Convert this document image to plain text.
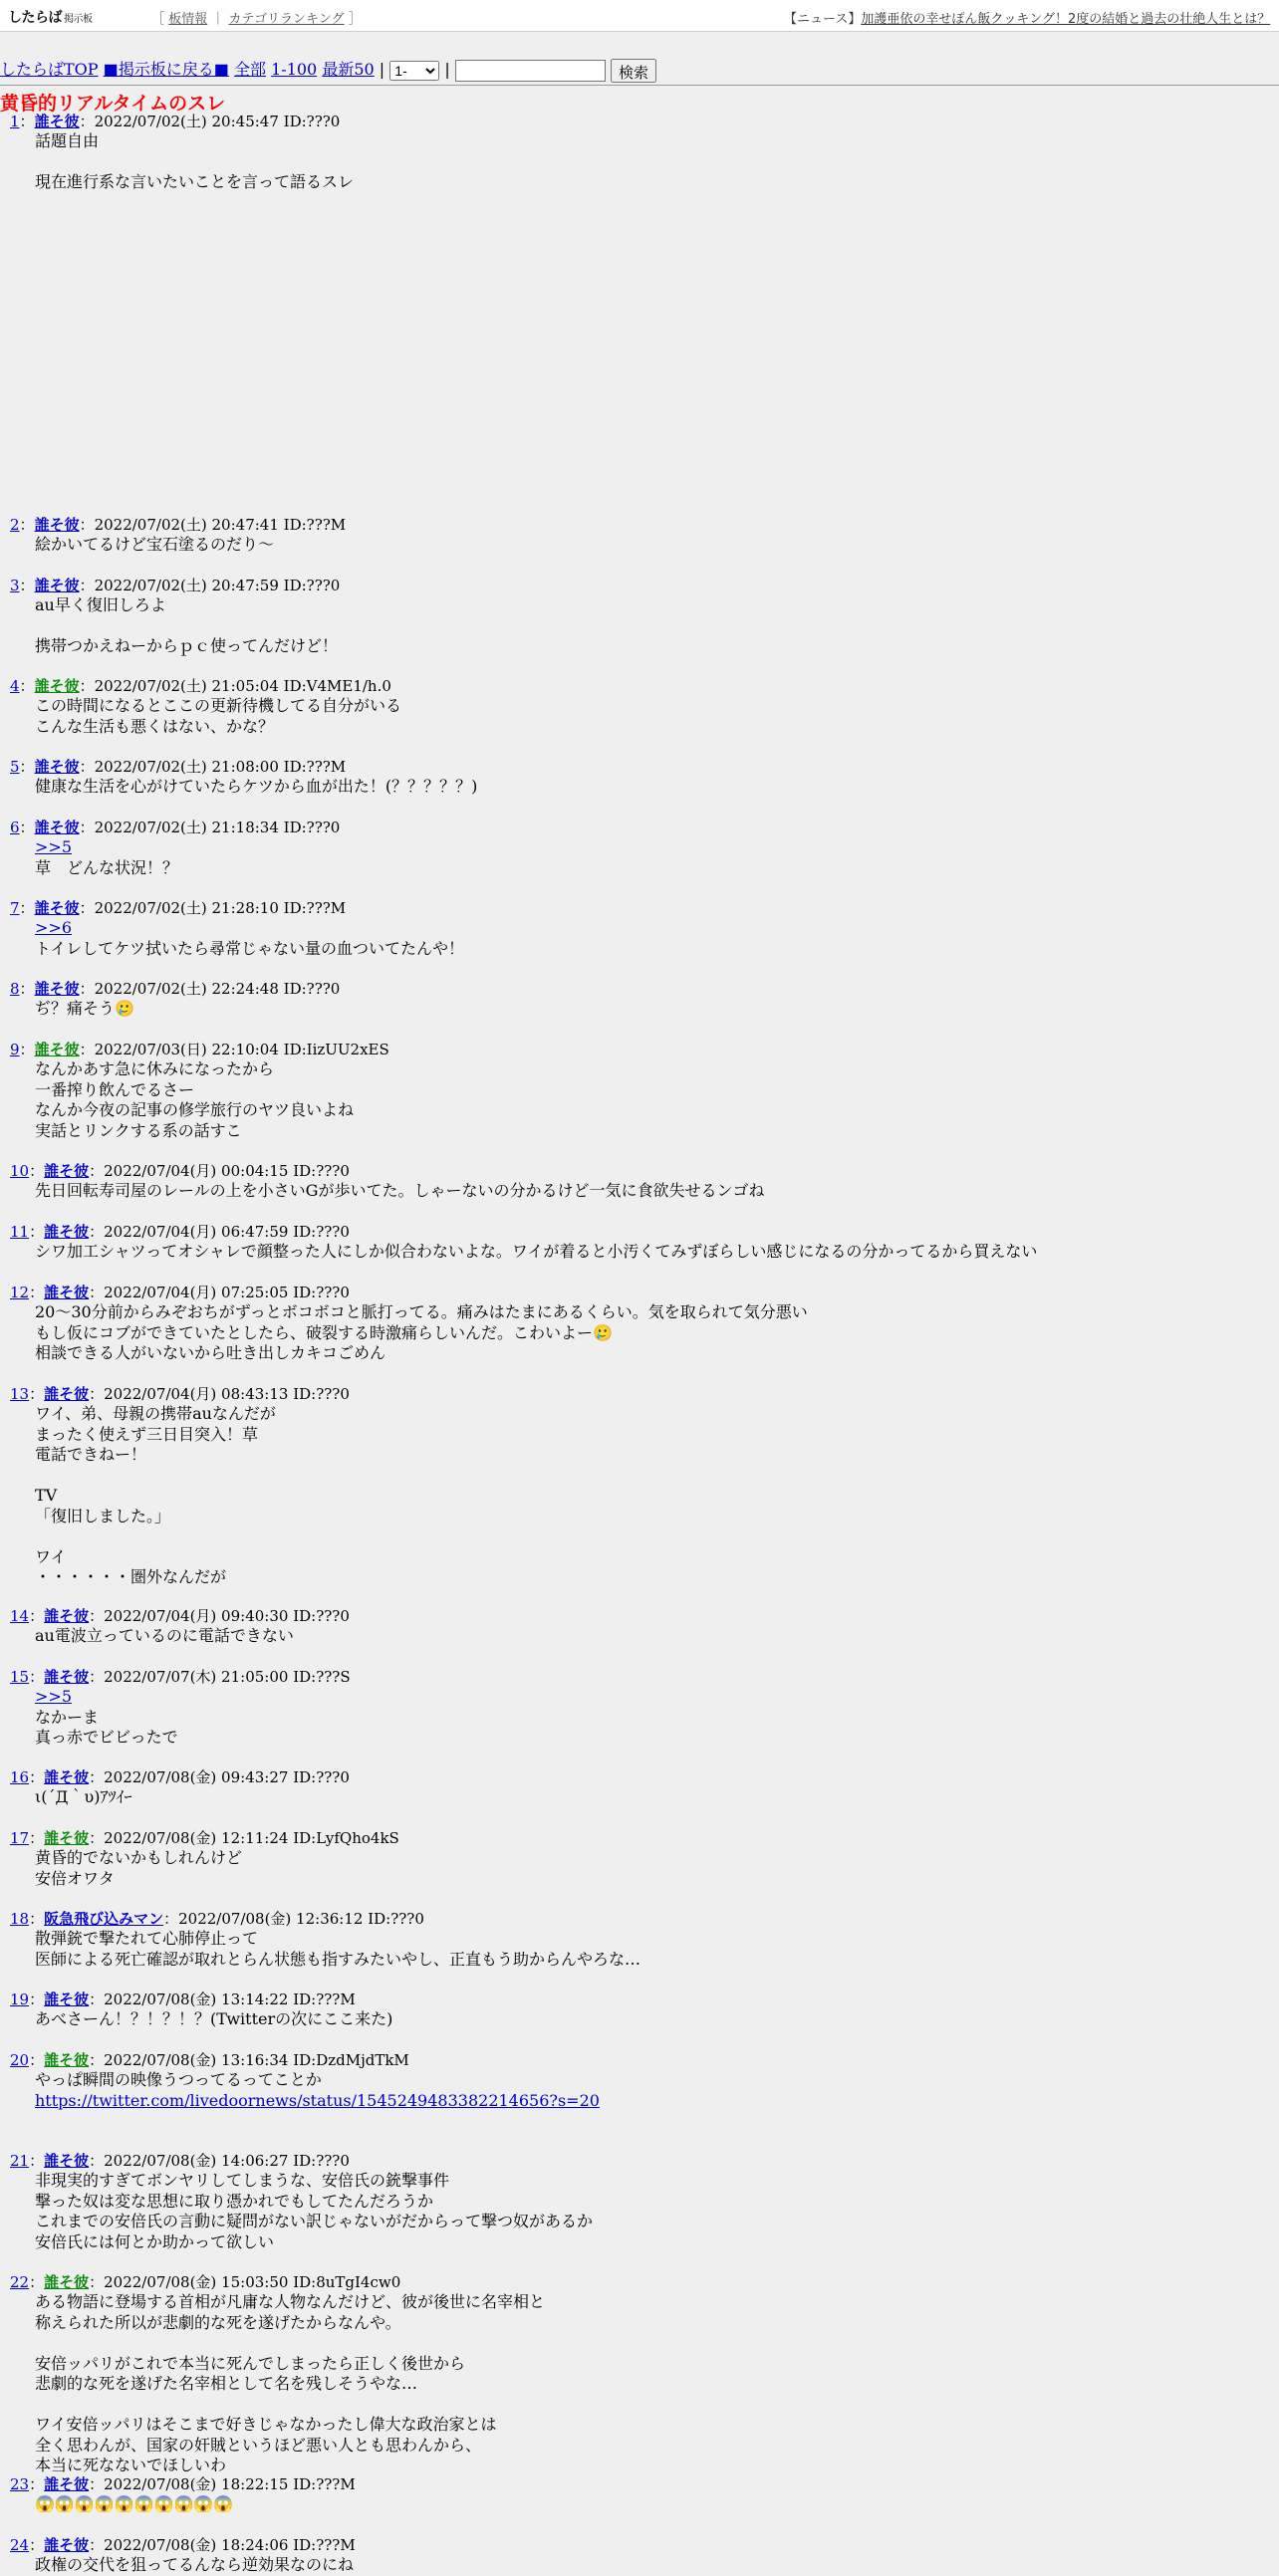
したらば 掲示板	［ 板情報 ｜ カテゴリランキング ］	【ニュース】加護亜依の幸せぽん飯クッキング！2度の結婚と過去の壮絶人生とは？
したらばTOP ■掲示板に戻る■ 全部 1-100 最新50 |
1-	|	検索
黄昏的リアルタイムのスレ
1：誰そ彼：2022/07/02(土) 20:45:47 ID:???0
話題自由
現在進行系な言いたいことを言って語るスレ
2：誰そ彼：2022/07/02(土) 20:47:41 ID:???M
絵かいてるけど宝石塗るのだり～
3：誰そ彼：2022/07/02(土) 20:47:59 ID:???0
au早く復旧しろよ
携帯つかえねーからｐｃ使ってんだけど！
4：誰そ彼：2022/07/02(土) 21:05:04 ID:V4ME1/h.0
この時間になるとここの更新待機してる自分がいる
こんな生活も悪くはない、かな？
5：誰そ彼：2022/07/02(土) 21:08:00 ID:???M
健康な生活を心がけていたらケツから血が出た！(？？？？？)
6：誰そ彼：2022/07/02(土) 21:18:34 ID:???0
>>5
草　どんな状況！？
7：誰そ彼：2022/07/02(土) 21:28:10 ID:???M
>>6
トイレしてケツ拭いたら尋常じゃない量の血ついてたんや！
8：誰そ彼：2022/07/02(土) 22:24:48 ID:???0
ぢ？痛そう🥲
9：誰そ彼：2022/07/03(日) 22:10:04 ID:IizUU2xES
なんかあす急に休みになったから
一番搾り飲んでるさー
なんか今夜の記事の修学旅行のヤツ良いよね
実話とリンクする系の話すこ
10：誰そ彼：2022/07/04(月) 00:04:15 ID:???0
先日回転寿司屋のレールの上を小さいGが歩いてた。しゃーないの分かるけど一気に食欲失せるンゴね
11：誰そ彼：2022/07/04(月) 06:47:59 ID:???0
シワ加工シャツってオシャレで顔整った人にしか似合わないよな。ワイが着ると小汚くてみずぼらしい感じになるの分かってるから買えない
12：誰そ彼：2022/07/04(月) 07:25:05 ID:???0
20～30分前からみぞおちがずっとボコボコと脈打ってる。痛みはたまにあるくらい。気を取られて気分悪い
もし仮にコブができていたとしたら、破裂する時激痛らしいんだ。こわいよー🥲
相談できる人がいないから吐き出しカキコごめん
13：誰そ彼：2022/07/04(月) 08:43:13 ID:???0
ワイ、弟、母親の携帯auなんだが
まったく使えず三日目突入！草
電話できねー！
TV
「復旧しました。」
ワイ
・・・・・・圏外なんだが
14：誰そ彼：2022/07/04(月) 09:40:30 ID:???0
au電波立っているのに電話できない
15：誰そ彼：2022/07/07(木) 21:05:00 ID:???S
>>5
なかーま
真っ赤でビビったで
16：誰そ彼：2022/07/08(金) 09:43:27 ID:???0
ι(´Д｀υ)ｱﾂｲｰ
17：誰そ彼：2022/07/08(金) 12:11:24 ID:LyfQho4kS
黄昏的でないかもしれんけど
安倍オワタ
18：阪急飛び込みマン：2022/07/08(金) 12:36:12 ID:???0
散弾銃で撃たれて心肺停止って
医師による死亡確認が取れとらん状態も指すみたいやし、正直もう助からんやろな…
19：誰そ彼：2022/07/08(金) 13:14:22 ID:???M
あべさーん！？！？！？(Twitterの次にここ来た)
20：誰そ彼：2022/07/08(金) 13:16:34 ID:DzdMjdTkM
やっぱ瞬間の映像うつってるってことか
https://twitter.com/livedoornews/status/1545249483382214656?s=20
21：誰そ彼：2022/07/08(金) 14:06:27 ID:???0
非現実的すぎてボンヤリしてしまうな、安倍氏の銃撃事件
撃った奴は変な思想に取り憑かれでもしてたんだろうか
これまでの安倍氏の言動に疑問がない訳じゃないがだからって撃つ奴があるか
安倍氏には何とか助かって欲しい
22：誰そ彼：2022/07/08(金) 15:03:50 ID:8uTgI4cw0
ある物語に登場する首相が凡庸な人物なんだけど、彼が後世に名宰相と
称えられた所以が悲劇的な死を遂げたからなんや。
安倍ッパリがこれで本当に死んでしまったら正しく後世から
悲劇的な死を遂げた名宰相として名を残しそうやな…
ワイ安倍ッパリはそこまで好きじゃなかったし偉大な政治家とは
全く思わんが、国家の奸賊というほど悪い人とも思わんから、
本当に死なないでほしいわ
23：誰そ彼：2022/07/08(金) 18:22:15 ID:???M
😱😱😱😱😱😱😱😱😱😱
24：誰そ彼：2022/07/08(金) 18:24:06 ID:???M
政権の交代を狙ってるんなら逆効果なのにね
